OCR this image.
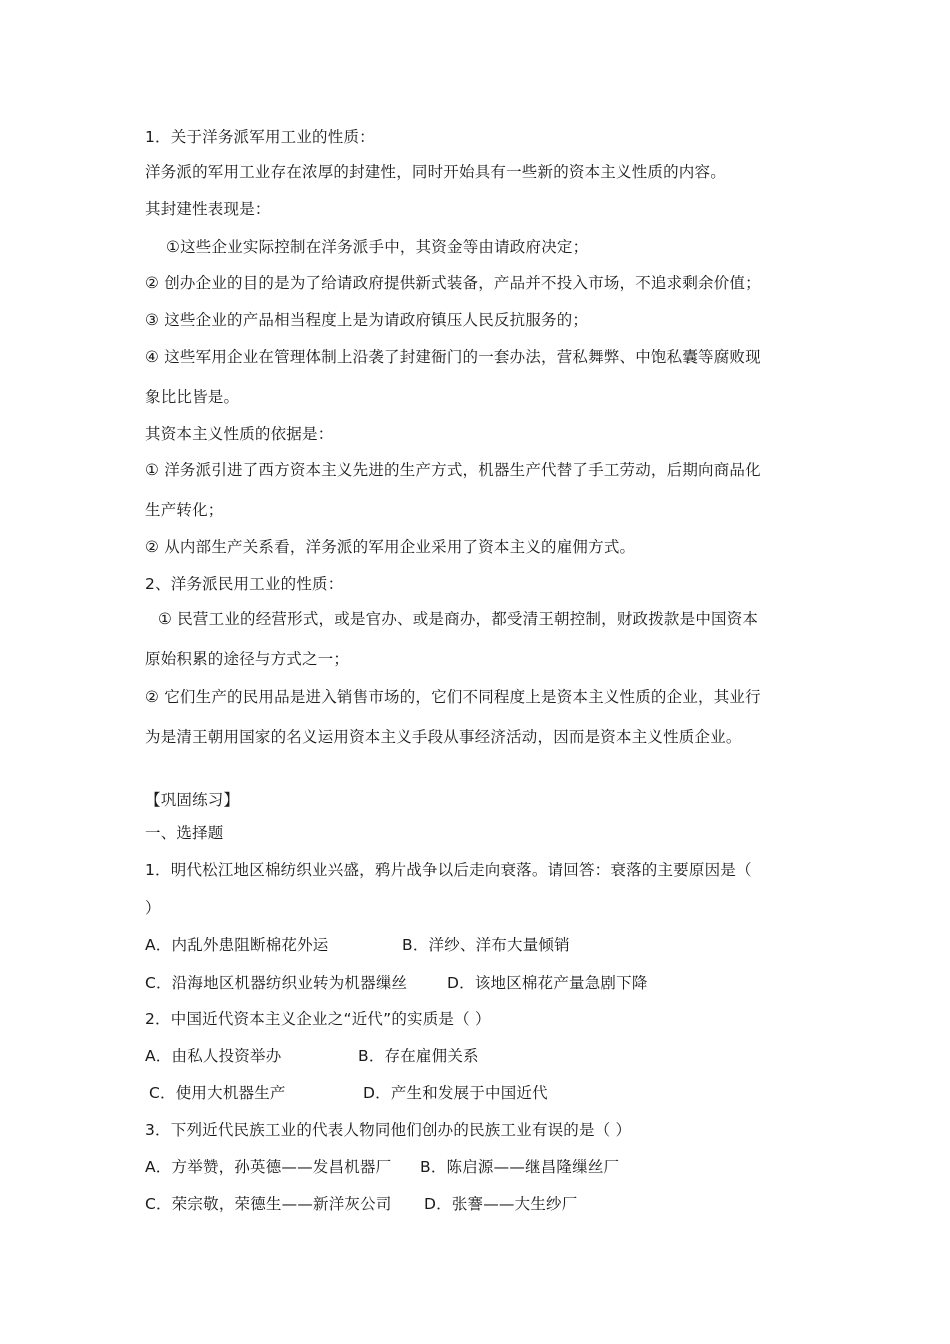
1．关于洋务派军用工业的性质：
洋务派的军用工业存在浓厚的封建性，同时开始具有一些新的资本主义性质的内容。
其封建性表现是：
①这些企业实际控制在洋务派手中，其资金等由请政府决定；
② 创办企业的目的是为了给请政府提供新式装备，产品并不投入市场，不追求剩余价值；
③ 这些企业的产品相当程度上是为请政府镇压人民反抗服务的；
④ 这些军用企业在管理体制上沿袭了封建衙门的一套办法，营私舞弊、中饱私囊等腐败现
象比比皆是。
其资本主义性质的依据是：
① 洋务派引进了西方资本主义先进的生产方式，机器生产代替了手工劳动，后期向商品化
生产转化；
② 从内部生产关系看，洋务派的军用企业采用了资本主义的雇佣方式。
2、洋务派民用工业的性质：
① 民营工业的经营形式，或是官办、或是商办，都受清王朝控制，财政拨款是中国资本
原始积累的途径与方式之一；
② 它们生产的民用品是进入销售市场的，它们不同程度上是资本主义性质的企业，其业行
为是清王朝用国家的名义运用资本主义手段从事经济活动，因而是资本主义性质企业。
【巩固练习】
一、选择题
1．明代松江地区棉纺织业兴盛，鸦片战争以后走向衰落。请回答：衰落的主要原因是（
）
A．内乱外患阻断棉花外运	B．洋纱、洋布大量倾销
C．沿海地区机器纺织业转为机器缫丝	D．该地区棉花产量急剧下降
2．中国近代资本主义企业之“近代”的实质是（ ）
A．由私人投资举办	B．存在雇佣关系
C．使用大机器生产	D．产生和发展于中国近代
3．下列近代民族工业的代表人物同他们创办的民族工业有误的是（ ）
A．方举赞，孙英德——发昌机器厂 B．陈启源——继昌隆缫丝厂
C．荣宗敬，荣德生——新洋灰公司 D．张謇——大生纱厂
